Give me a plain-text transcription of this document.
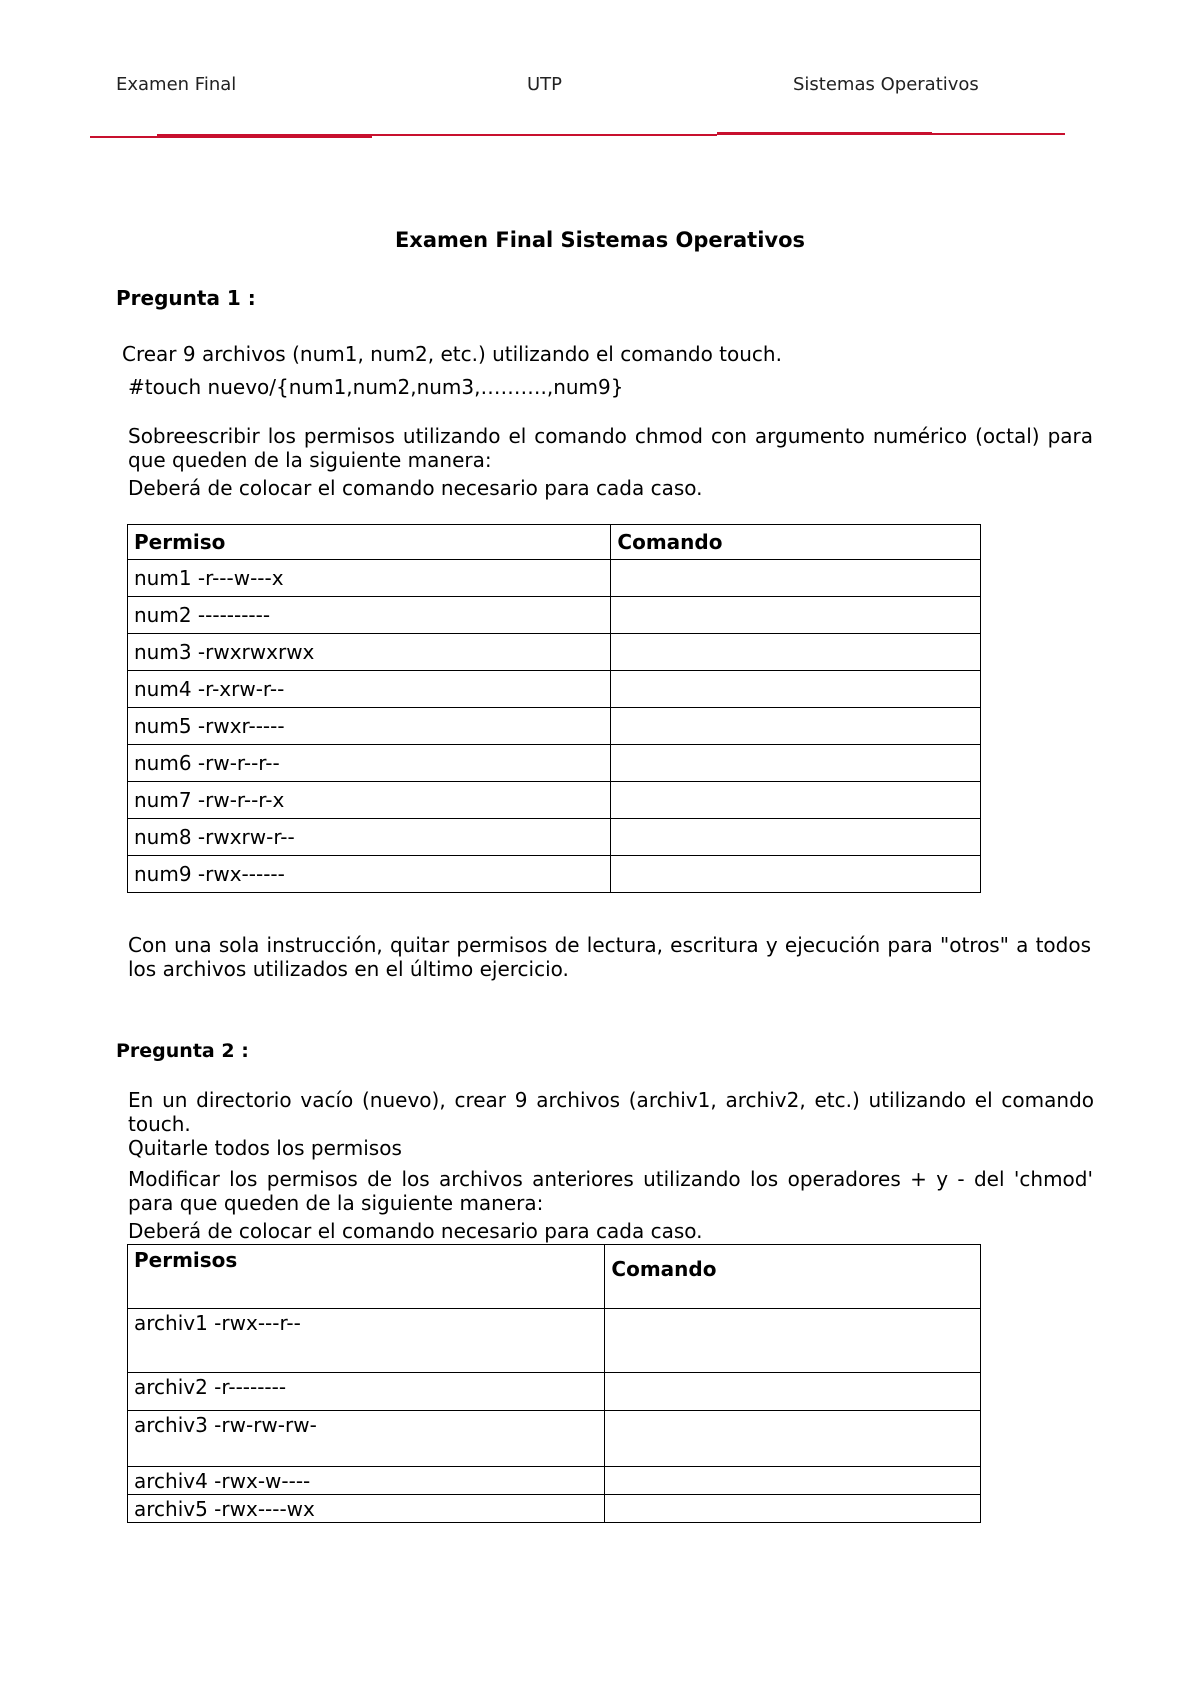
Examen Final	UTP	Sistemas Operativos
Examen Final Sistemas Operativos
Pregunta 1 :
Crear 9 archivos (num1, num2, etc.) utilizando el comando touch.
#touch nuevo/{num1,num2,num3,……….,num9}
Sobreescribir los permisos utilizando el comando chmod con argumento numérico (octal) para que queden de la siguiente manera:
Deberá de colocar el comando necesario para cada caso.
Permiso	Comando
num1 -r---w---x	
num2 ----------	
num3 -rwxrwxrwx	
num4 -r-xrw-r--	
num5 -rwxr-----	
num6 -rw-r--r--	
num7 -rw-r--r-x	
num8 -rwxrw-r--	
num9 -rwx------	
Con una sola instrucción, quitar permisos de lectura, escritura y ejecución para "otros" a todos los archivos utilizados en el último ejercicio.
Pregunta 2 :
En un directorio vacío (nuevo), crear 9 archivos (archiv1, archiv2, etc.) utilizando el comando touch.
Quitarle todos los permisos
Modificar los permisos de los archivos anteriores utilizando los operadores + y - del 'chmod' para que queden de la siguiente manera:
Deberá de colocar el comando necesario para cada caso.
Permisos	Comando
archiv1 -rwx---r--	
archiv2 -r--------	
archiv3 -rw-rw-rw-	
archiv4 -rwx-w----	
archiv5 -rwx----wx	
